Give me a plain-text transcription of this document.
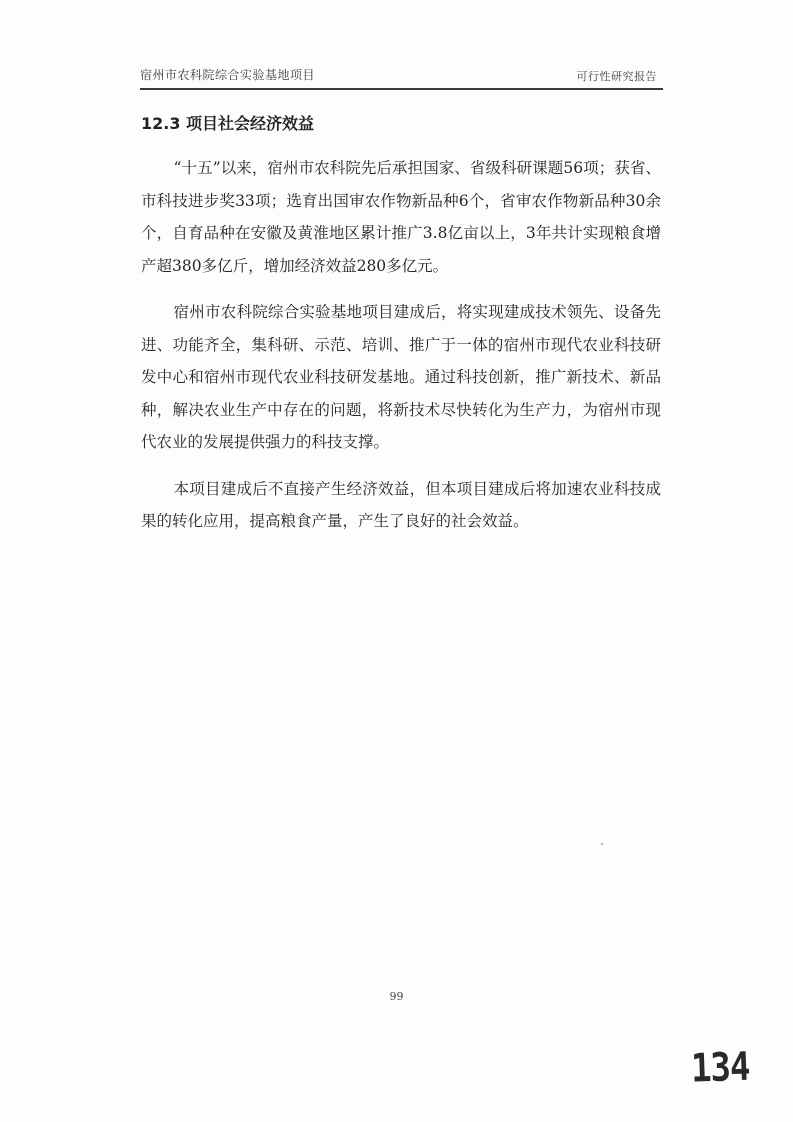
宿州市农科院综合实验基地项目	可行性研究报告
12.3 项目社会经济效益

“十五”以来，宿州市农科院先后承担国家、省级科研课题56项；获省、市科技进步奖33项；选育出国审农作物新品种6个，省审农作物新品种30余个，自育品种在安徽及黄淮地区累计推广3.8亿亩以上，3年共计实现粮食增产超380多亿斤，增加经济效益280多亿元。

宿州市农科院综合实验基地项目建成后，将实现建成技术领先、设备先进、功能齐全，集科研、示范、培训、推广于一体的宿州市现代农业科技研发中心和宿州市现代农业科技研发基地。通过科技创新，推广新技术、新品种，解决农业生产中存在的问题，将新技术尽快转化为生产力，为宿州市现代农业的发展提供强力的科技支撑。

本项目建成后不直接产生经济效益，但本项目建成后将加速农业科技成果的转化应用，提高粮食产量，产生了良好的社会效益。

99
134
